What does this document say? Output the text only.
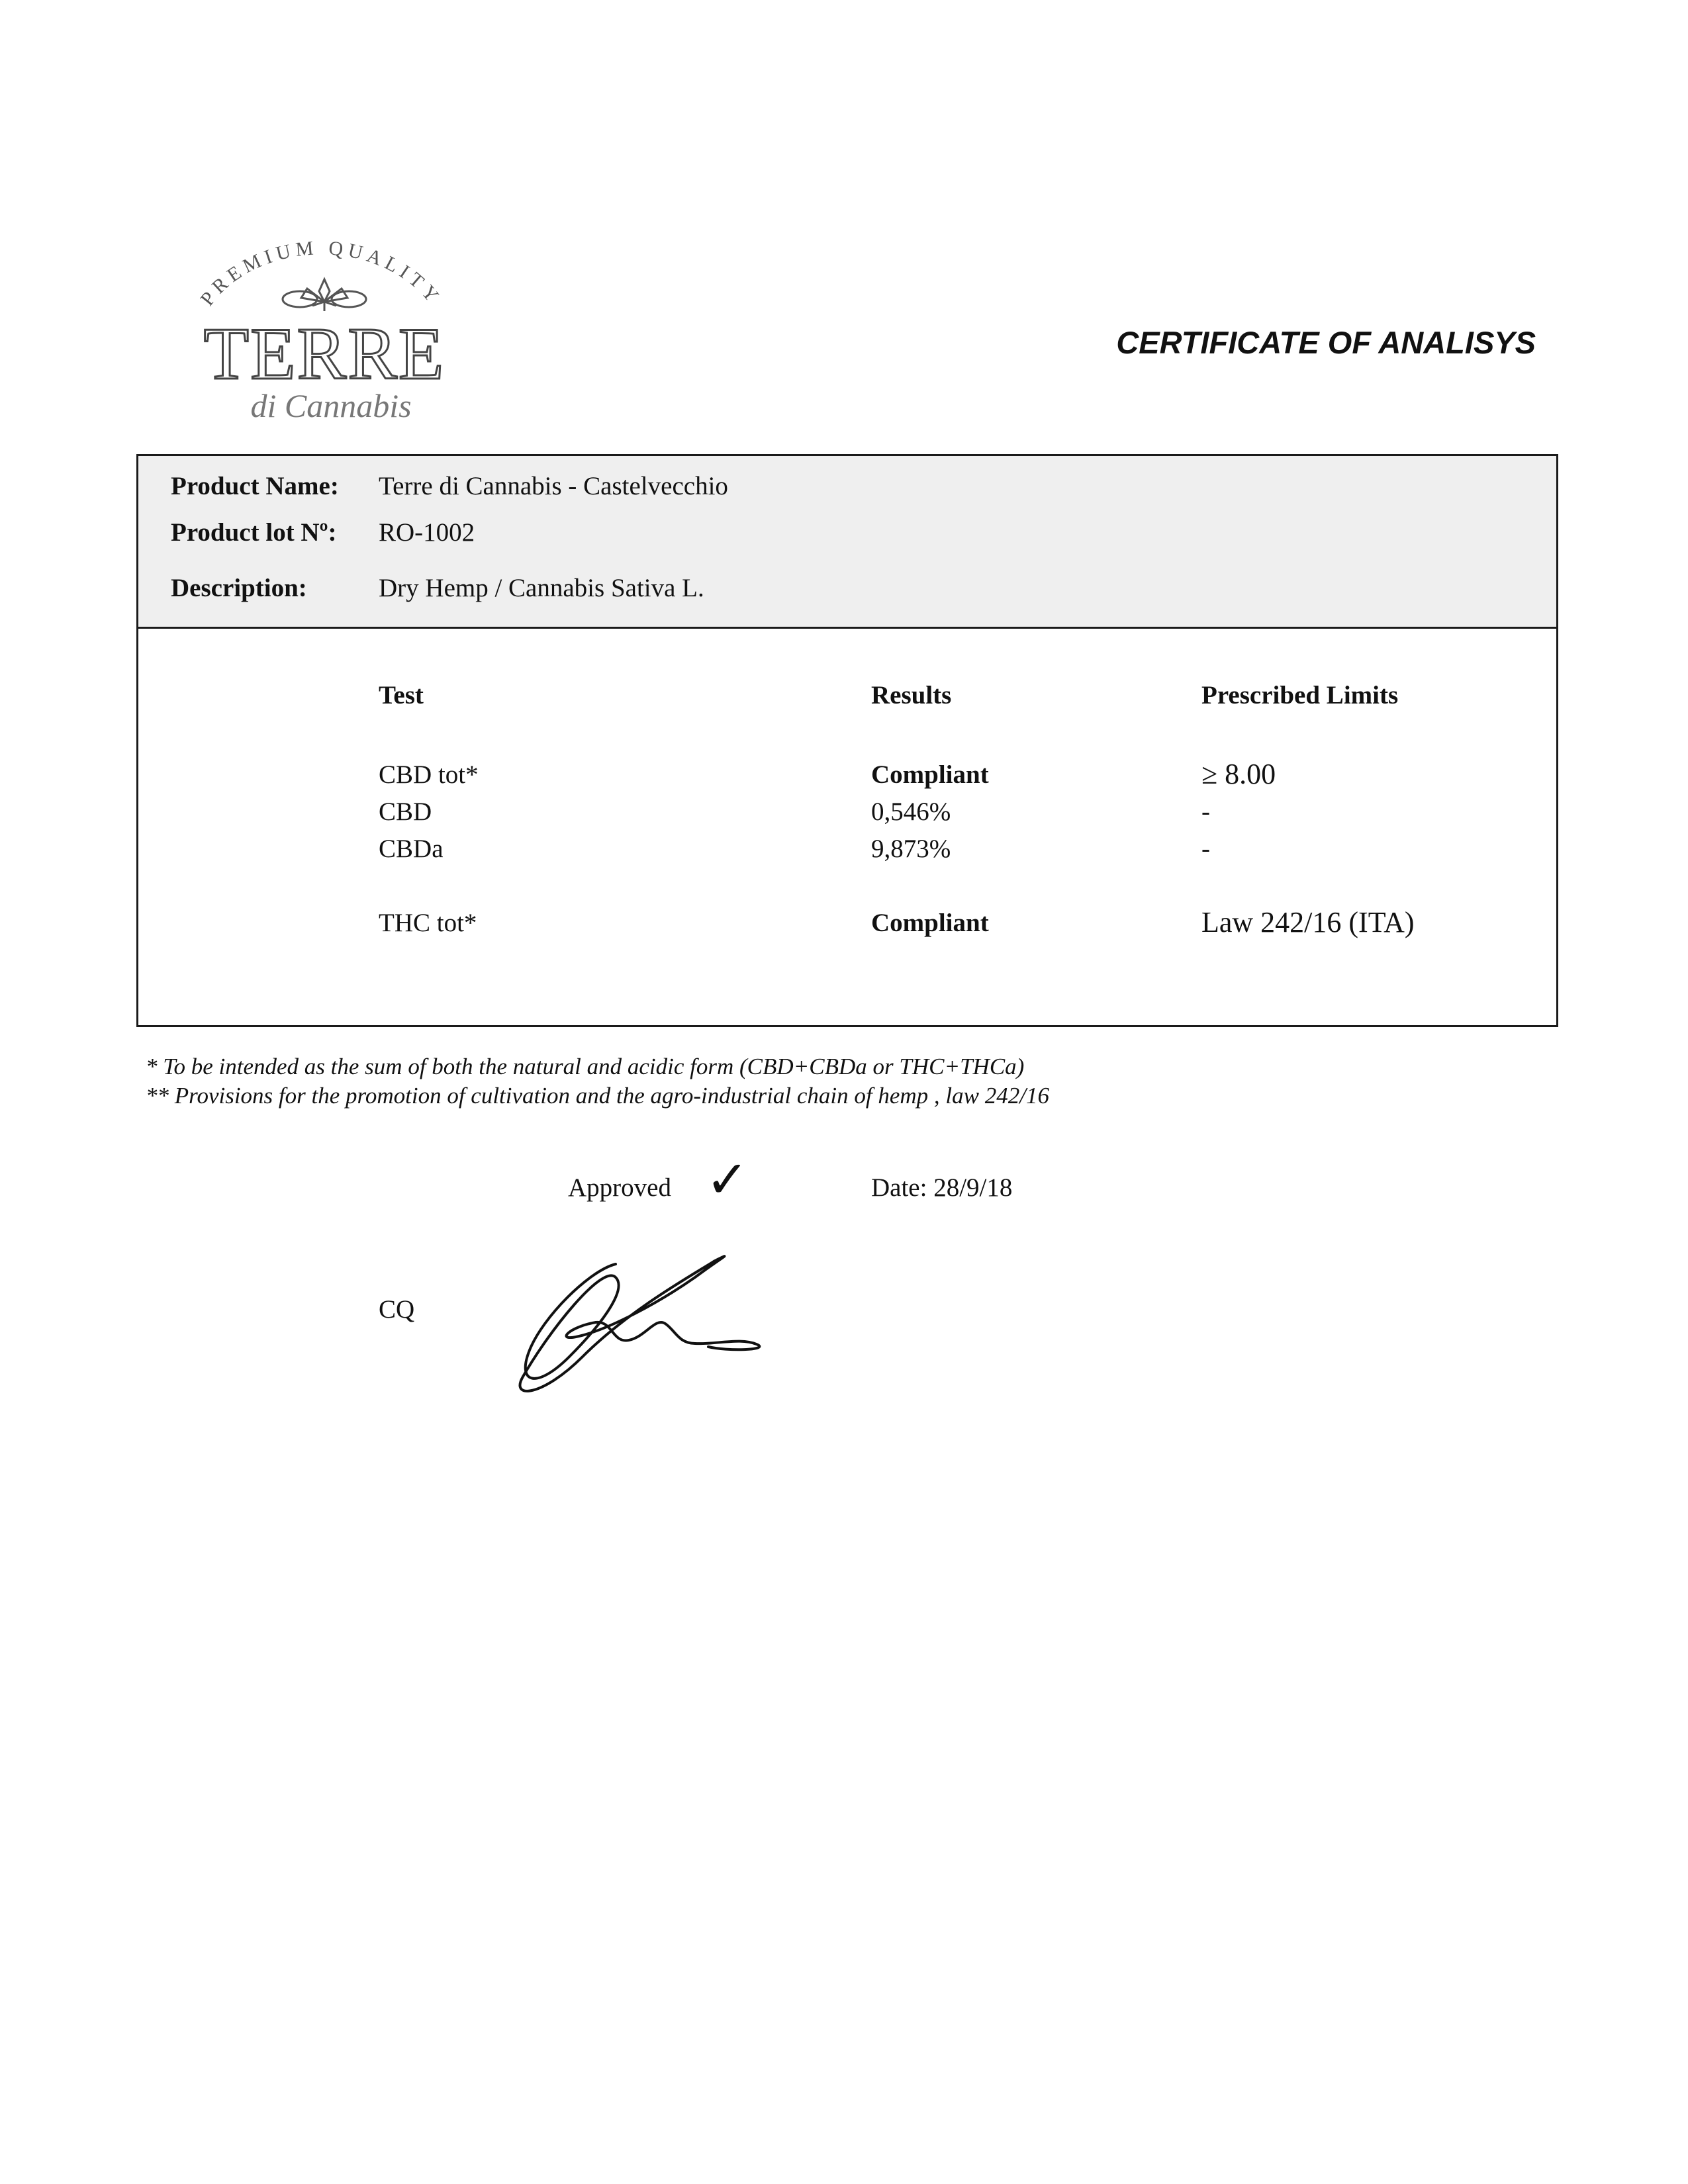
PREMIUM QUALITY
TERRE
di Cannabis
CERTIFICATE OF ANALISYS
Product Name: Terre di Cannabis - Castelvecchio
Product lot Nº: RO-1002
Description:	Dry Hemp / Cannabis Sativa L.
Test	Results	Prescribed Limits
CBD tot*	Compliant	≥ 8.00
CBD	0,546%	-
CBDa	9,873%	-
THC tot*	Compliant	Law 242/16 (ITA)
* To be intended as the sum of both the natural and acidic form (CBD+CBDa or THC+THCa)
** Provisions for the promotion of cultivation and the agro-industrial chain of hemp , law 242/16
Approved ✓	Date: 28/9/18
CQ
